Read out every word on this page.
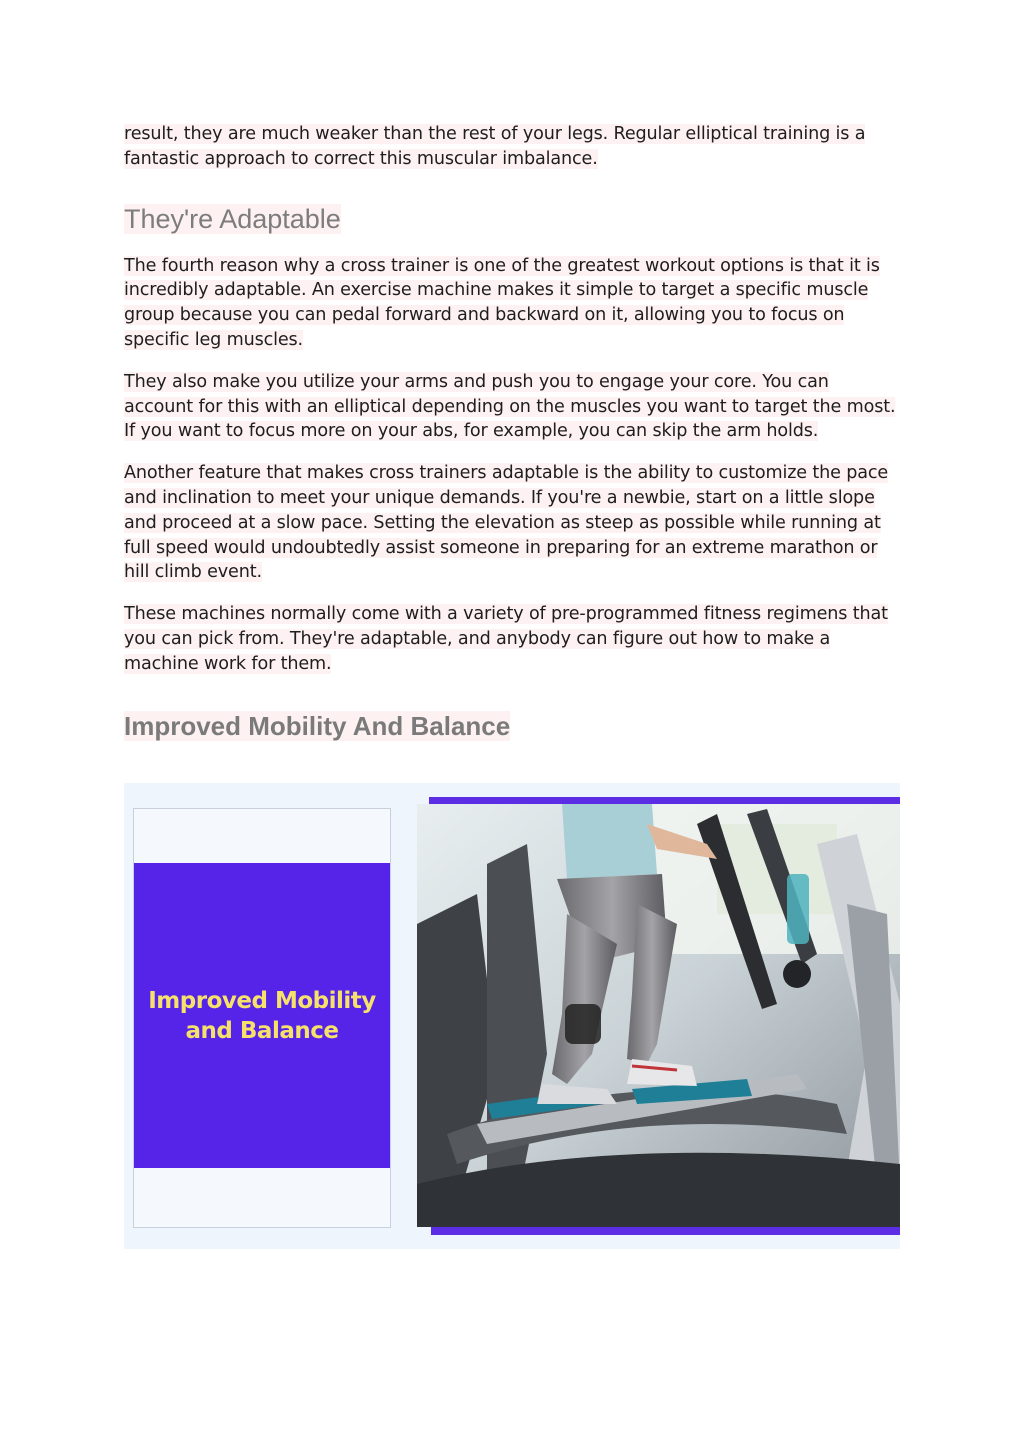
result, they are much weaker than the rest of your legs. Regular elliptical training is a fantastic approach to correct this muscular imbalance.

They're Adaptable

The fourth reason why a cross trainer is one of the greatest workout options is that it is incredibly adaptable. An exercise machine makes it simple to target a specific muscle group because you can pedal forward and backward on it, allowing you to focus on specific leg muscles.

They also make you utilize your arms and push you to engage your core. You can account for this with an elliptical depending on the muscles you want to target the most. If you want to focus more on your abs, for example, you can skip the arm holds.

Another feature that makes cross trainers adaptable is the ability to customize the pace and inclination to meet your unique demands. If you're a newbie, start on a little slope and proceed at a slow pace. Setting the elevation as steep as possible while running at full speed would undoubtedly assist someone in preparing for an extreme marathon or hill climb event.

These machines normally come with a variety of pre-programmed fitness regimens that you can pick from. They're adaptable, and anybody can figure out how to make a machine work for them.

Improved Mobility And Balance
Improved Mobility
and Balance
